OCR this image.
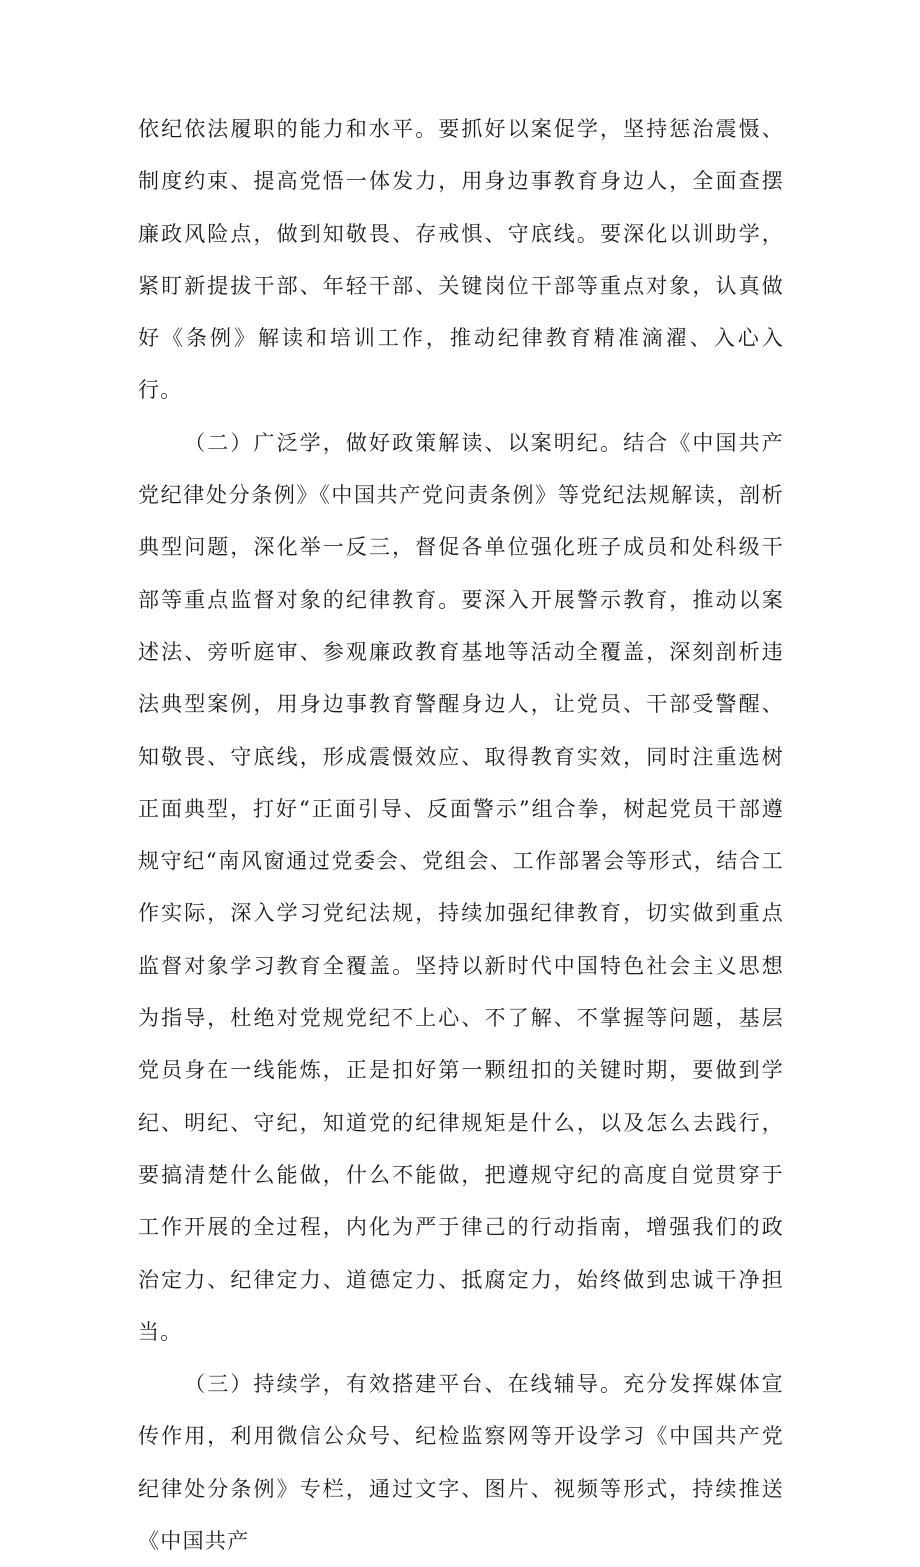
依纪依法履职的能力和水平。要抓好以案促学，坚持惩治震慑、制度约束、提高党悟一体发力，用身边事教育身边人，全面查摆廉政风险点，做到知敬畏、存戒惧、守底线。要深化以训助学，紧盯新提拔干部、年轻干部、关键岗位干部等重点对象，认真做好《条例》解读和培训工作，推动纪律教育精准滴濯、入心入行。

（二）广泛学，做好政策解读、以案明纪。结合《中国共产党纪律处分条例》《中国共产党问责条例》等党纪法规解读，剖析典型问题，深化举一反三，督促各单位强化班子成员和处科级干部等重点监督对象的纪律教育。要深入开展警示教育，推动以案述法、旁听庭审、参观廉政教育基地等活动全覆盖，深刻剖析违法典型案例，用身边事教育警醒身边人，让党员、干部受警醒、知敬畏、守底线，形成震慑效应、取得教育实效，同时注重选树正面典型，打好“正面引导、反面警示”组合拳，树起党员干部遵规守纪“南风窗通过党委会、党组会、工作部署会等形式，结合工作实际，深入学习党纪法规，持续加强纪律教育，切实做到重点监督对象学习教育全覆盖。坚持以新时代中国特色社会主义思想为指导，杜绝对党规党纪不上心、不了解、不掌握等问题，基层党员身在一线能炼，正是扣好第一颗纽扣的关键时期，要做到学纪、明纪、守纪，知道党的纪律规矩是什么，以及怎么去践行，要搞清楚什么能做，什么不能做，把遵规守纪的高度自觉贯穿于工作开展的全过程，内化为严于律己的行动指南，增强我们的政治定力、纪律定力、道德定力、抵腐定力，始终做到忠诚干净担当。

（三）持续学，有效搭建平台、在线辅导。充分发挥媒体宣传作用，利用微信公众号、纪检监察网等开设学习《中国共产党纪律处分条例》专栏，通过文字、图片、视频等形式，持续推送《中国共产
